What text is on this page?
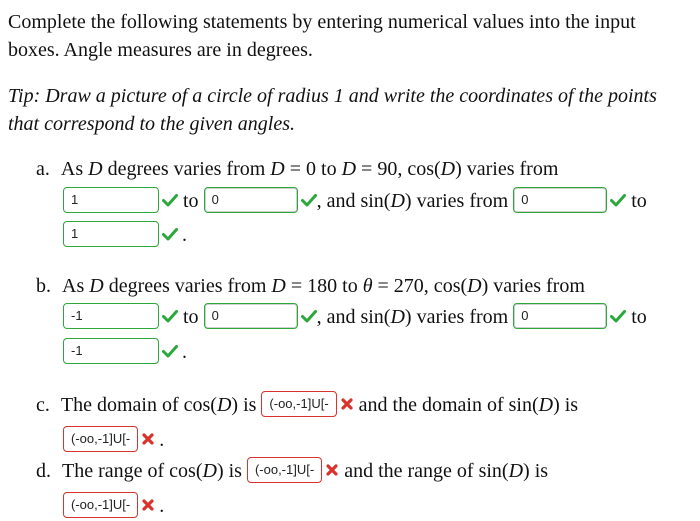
Complete the following statements by entering numerical values into the input boxes. Angle measures are in degrees.
Tip: Draw a picture of a circle of radius 1 and write the coordinates of the points that correspond to the given angles.
a. As D degrees varies from D = 0 to D = 90, cos(D) varies from
1	to 0	, and sin(D) varies from 0	to
1	.
b. As D degrees varies from D = 180 to θ = 270, cos(D) varies from
-1	to 0	, and sin(D) varies from 0	to
-1	.
c. The domain of cos(D) is (-oo,-1]U[- and the domain of sin(D) is
(-oo,-1]U[- .
d. The range of cos(D) is (-oo,-1]U[- and the range of sin(D) is
(-oo,-1]U[- .
